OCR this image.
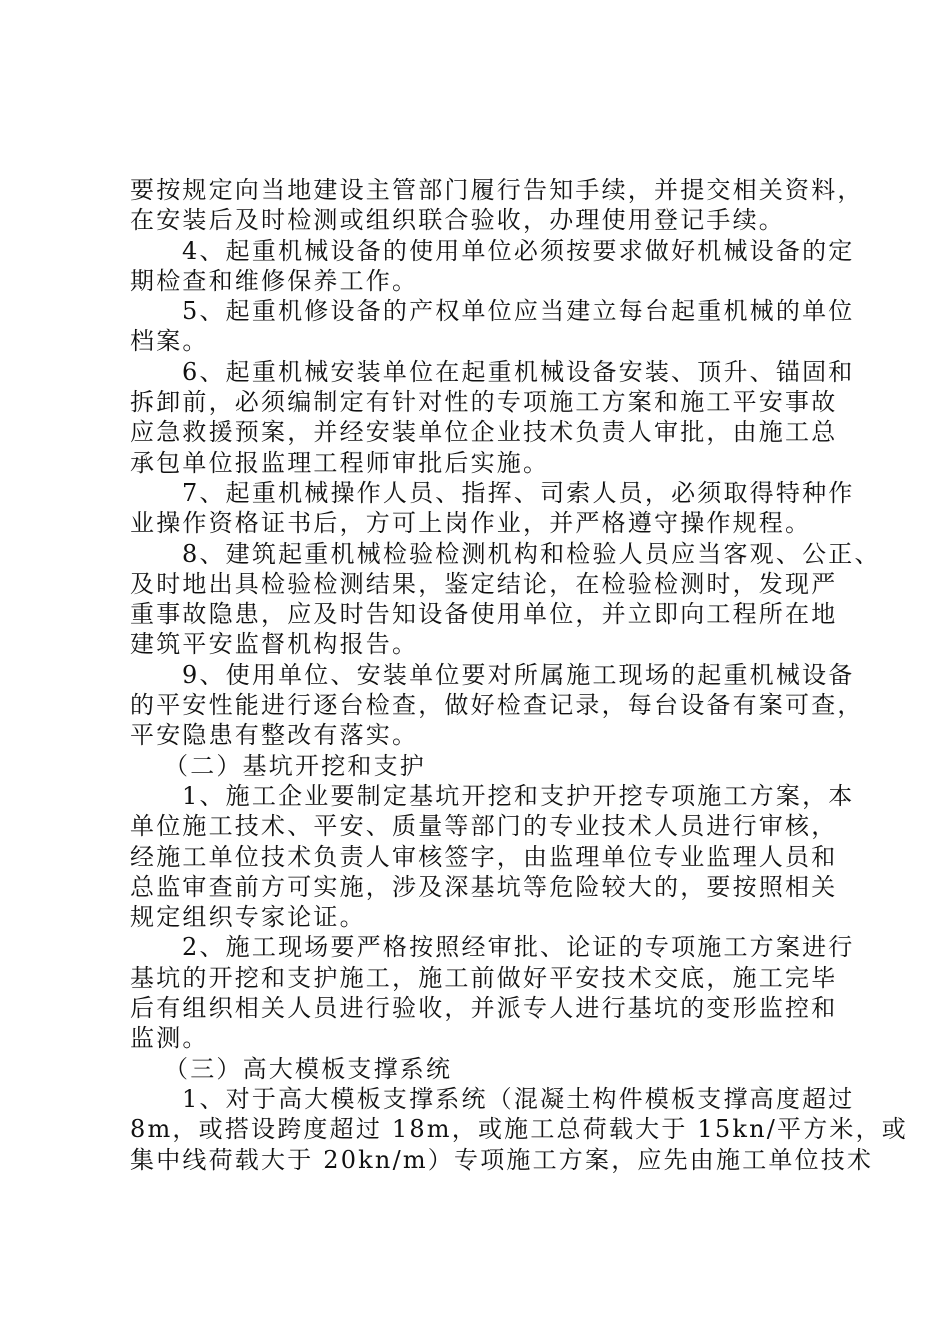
要按规定向当地建设主管部门履行告知手续，并提交相关资料，
在安装后及时检测或组织联合验收，办理使用登记手续。
4、起重机械设备的使用单位必须按要求做好机械设备的定
期检查和维修保养工作。
5、起重机修设备的产权单位应当建立每台起重机械的单位
档案。
6、起重机械安装单位在起重机械设备安装、顶升、锚固和
拆卸前，必须编制定有针对性的专项施工方案和施工平安事故
应急救援预案，并经安装单位企业技术负责人审批，由施工总
承包单位报监理工程师审批后实施。
7、起重机械操作人员、指挥、司索人员，必须取得特种作
业操作资格证书后，方可上岗作业，并严格遵守操作规程。
8、建筑起重机械检验检测机构和检验人员应当客观、公正、
及时地出具检验检测结果，鉴定结论，在检验检测时，发现严
重事故隐患，应及时告知设备使用单位，并立即向工程所在地
建筑平安监督机构报告。
9、使用单位、安装单位要对所属施工现场的起重机械设备
的平安性能进行逐台检查，做好检查记录，每台设备有案可查，
平安隐患有整改有落实。
（二）基坑开挖和支护
1、施工企业要制定基坑开挖和支护开挖专项施工方案，本
单位施工技术、平安、质量等部门的专业技术人员进行审核，
经施工单位技术负责人审核签字，由监理单位专业监理人员和
总监审查前方可实施，涉及深基坑等危险较大的，要按照相关
规定组织专家论证。
2、施工现场要严格按照经审批、论证的专项施工方案进行
基坑的开挖和支护施工，施工前做好平安技术交底，施工完毕
后有组织相关人员进行验收，并派专人进行基坑的变形监控和
监测。
（三）高大模板支撑系统
1、对于高大模板支撑系统（混凝土构件模板支撑高度超过
8m，或搭设跨度超过 18m，或施工总荷载大于 15kn/平方米，或
集中线荷载大于 20kn/m）专项施工方案，应先由施工单位技术
